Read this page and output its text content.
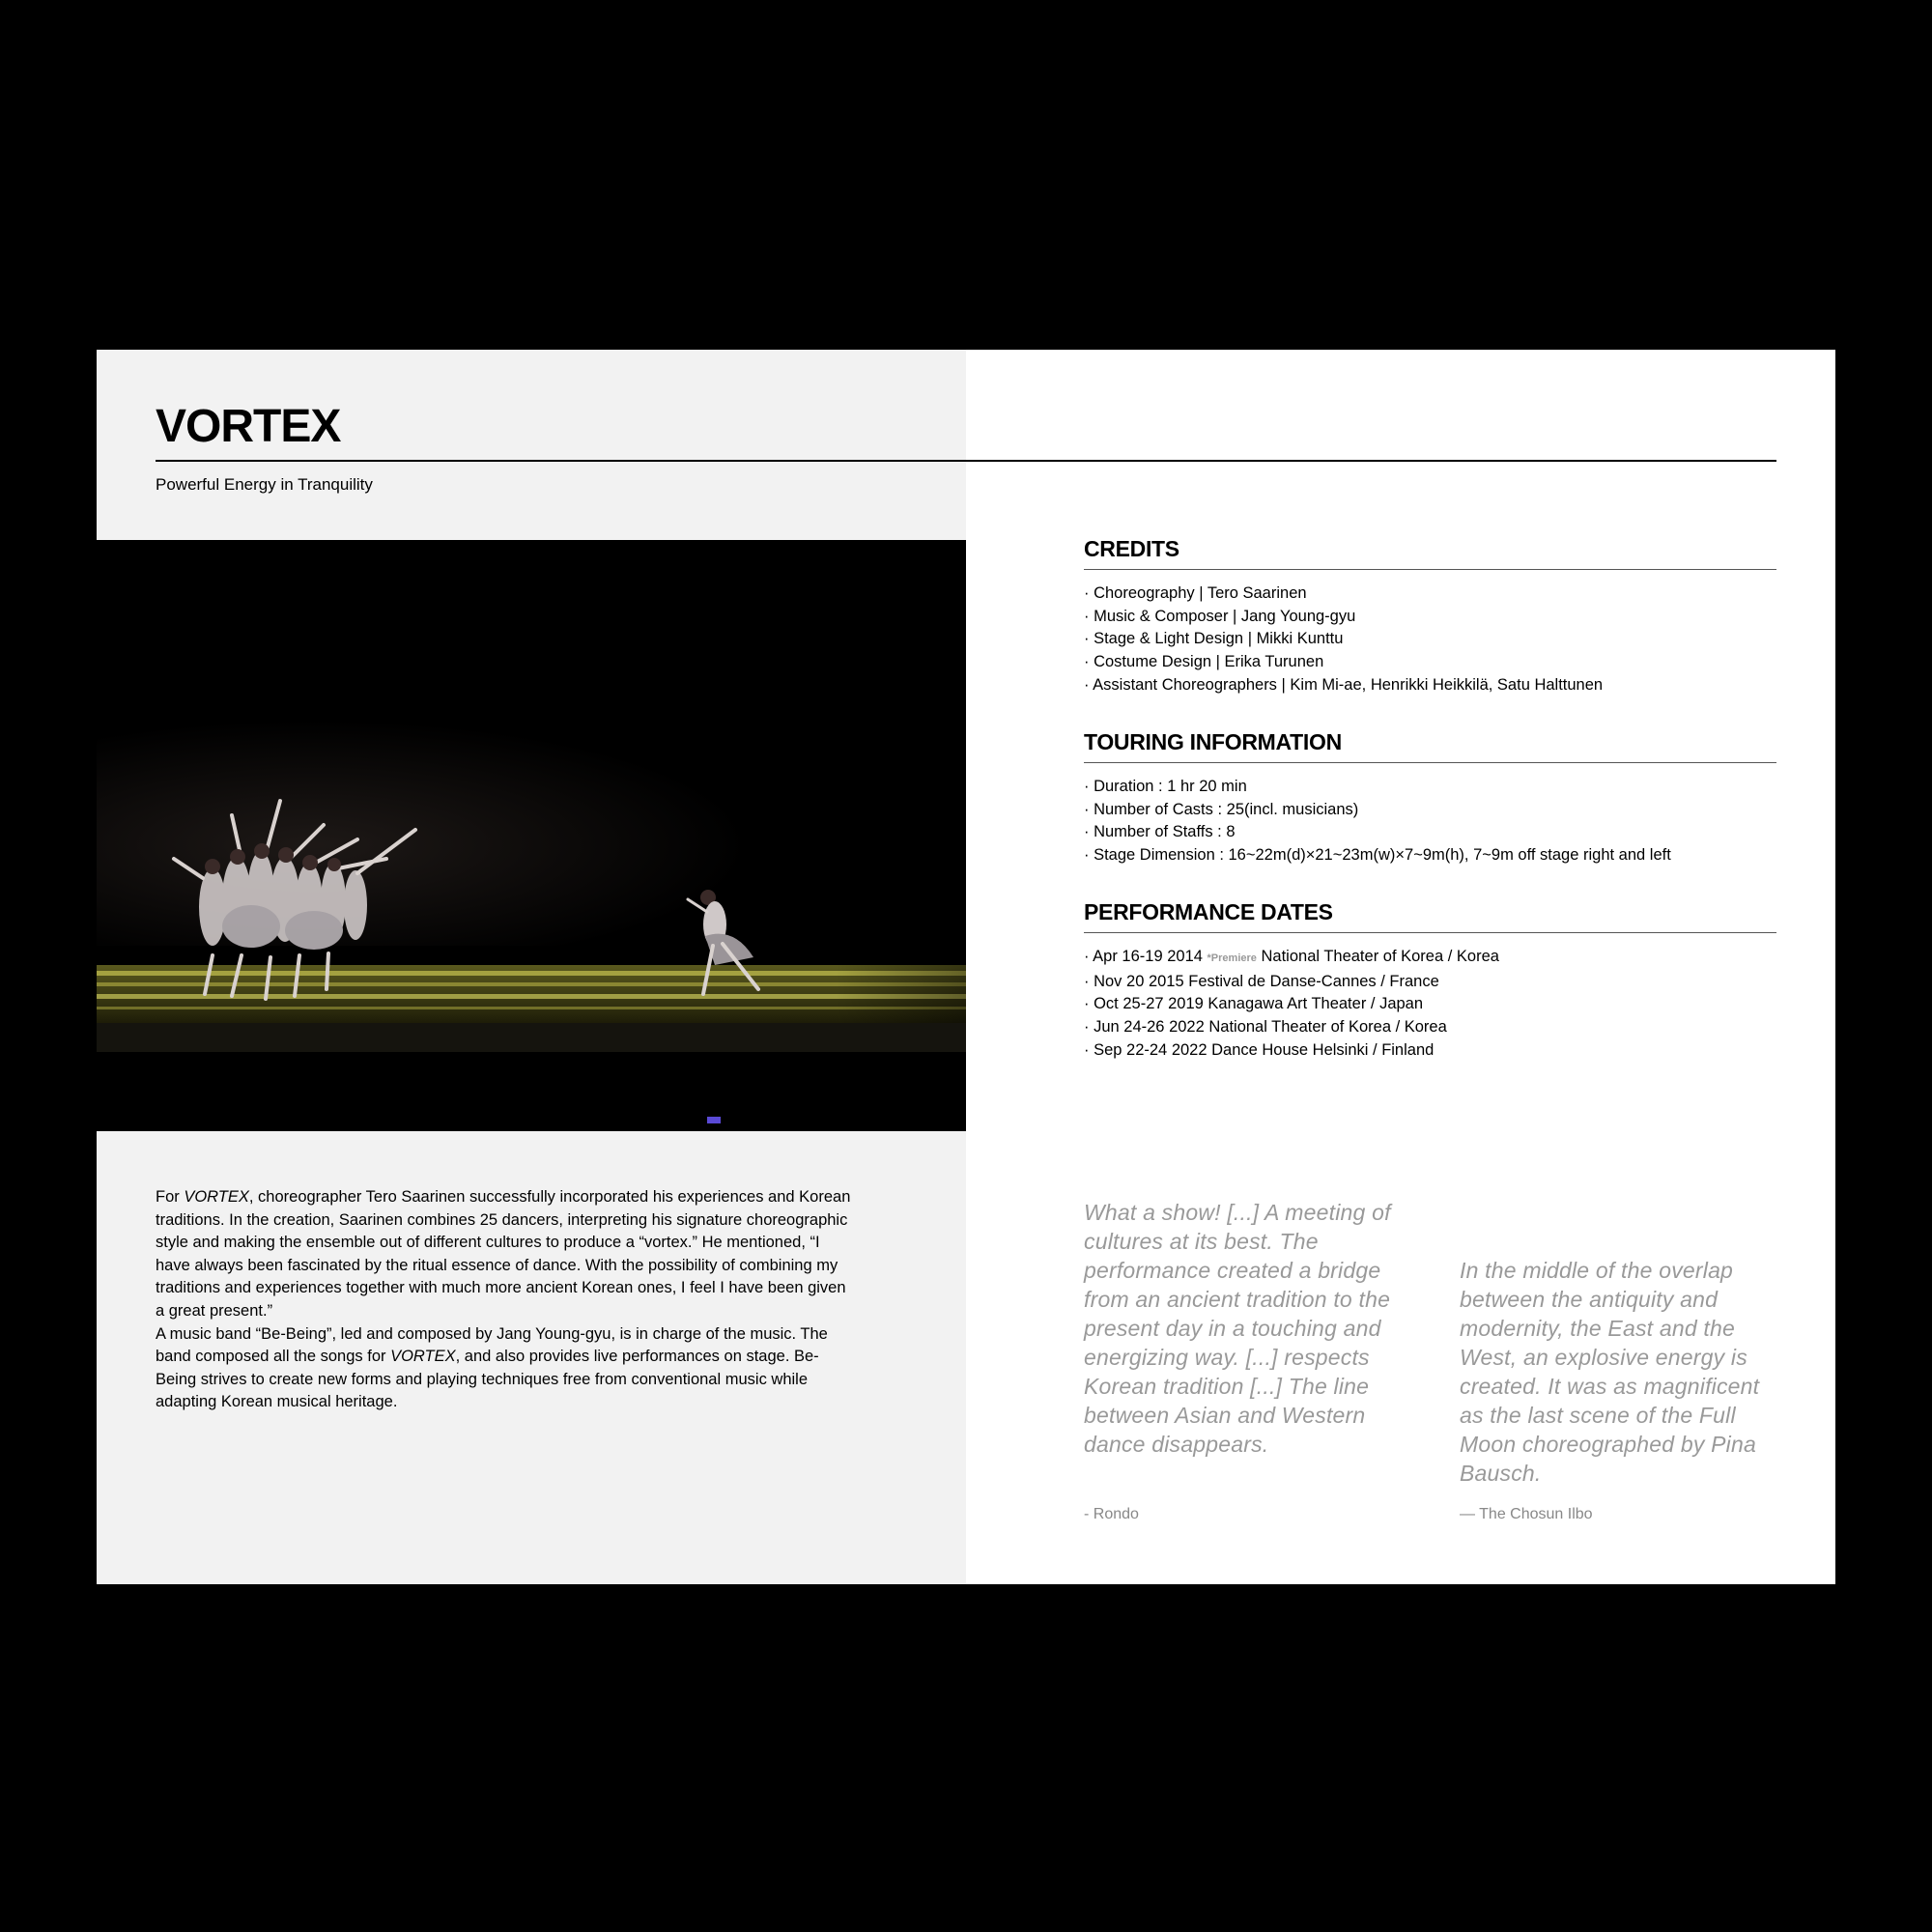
VORTEX
Powerful Energy in Tranquility

For VORTEX, choreographer Tero Saarinen successfully incorporated his experiences and Korean traditions. In the creation, Saarinen combines 25 dancers, interpreting his signature choreographic style and making the ensemble out of different cultures to produce a “vortex.” He mentioned, “I have always been fascinated by the ritual essence of dance. With the possibility of combining my traditions and experiences together with much more ancient Korean ones, I feel I have been given a great present.”

A music band “Be-Being”, led and composed by Jang Young-gyu, is in charge of the music. The band composed all the songs for VORTEX, and also provides live performances on stage. Be-Being strives to create new forms and playing techniques free from conventional music while adapting Korean musical heritage.

CREDITS
· Choreography | Tero Saarinen
· Music & Composer | Jang Young-gyu
· Stage & Light Design | Mikki Kunttu
· Costume Design | Erika Turunen
· Assistant Choreographers | Kim Mi-ae, Henrikki Heikkilä, Satu Halttunen
TOURING INFORMATION
· Duration : 1 hr 20 min
· Number of Casts : 25(incl. musicians)
· Number of Staffs : 8
· Stage Dimension : 16~22m(d)×21~23m(w)×7~9m(h), 7~9m off stage right and left
PERFORMANCE DATES
· Apr 16-19 2014 *Premiere National Theater of Korea / Korea
· Nov 20 2015 Festival de Danse-Cannes / France
· Oct 25-27 2019 Kanagawa Art Theater / Japan
· Jun 24-26 2022 National Theater of Korea / Korea
· Sep 22-24 2022 Dance House Helsinki / Finland

What a show! [...] A meeting of cultures at its best. The performance created a bridge from an ancient tradition to the present day in a touching and energizing way. [...] respects Korean tradition [...] The line between Asian and Western dance disappears.

- Rondo

In the middle of the overlap between the antiquity and modernity, the East and the West, an explosive energy is created. It was as magnificent as the last scene of the Full Moon choreographed by Pina Bausch.

— The Chosun Ilbo
